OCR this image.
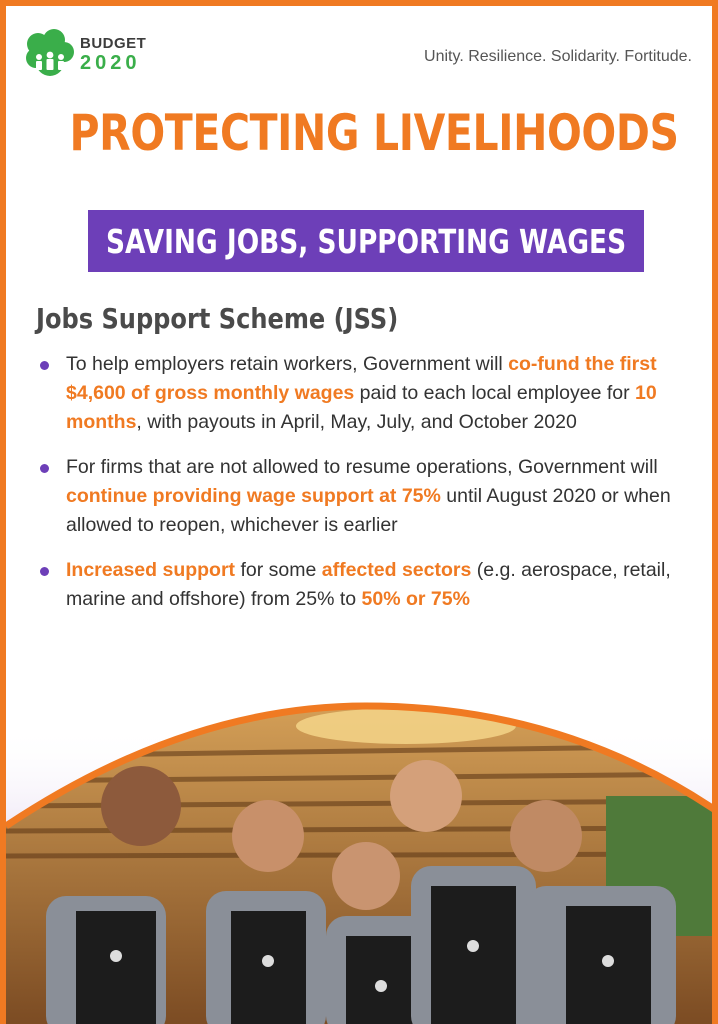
BUDGET
2020	Unity. Resilience. Solidarity. Fortitude.
PROTECTING LIVELIHOODS
SAVING JOBS, SUPPORTING WAGES
Jobs Support Scheme (JSS)
To help employers retain workers, Government will co-fund the first $4,600 of gross monthly wages paid to each local employee for 10 months, with payouts in April, May, July, and October 2020
For firms that are not allowed to resume operations, Government will continue providing wage support at 75% until August 2020 or when allowed to reopen, whichever is earlier
Increased support for some affected sectors (e.g. aerospace, retail, marine and offshore) from 25% to 50% or 75%
